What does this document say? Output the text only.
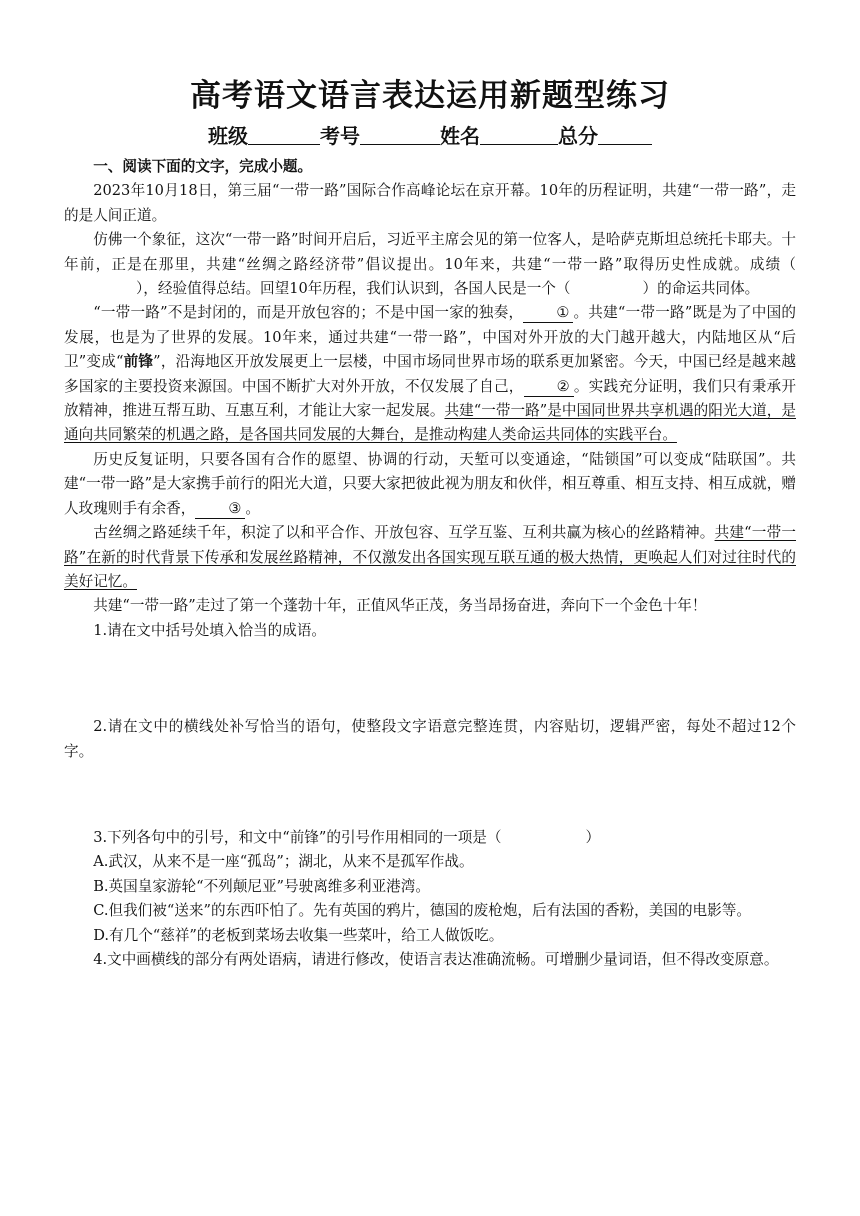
高考语文语言表达运用新题型练习
班级	考号	姓名	总分

一、阅读下面的文字，完成小题。

2023年10月18日，第三届“一带一路”国际合作高峰论坛在京开幕。10年的历程证明，共建“一带一路”，走的是人间正道。

仿佛一个象征，这次“一带一路”时间开启后，习近平主席会见的第一位客人，是哈萨克斯坦总统托卡耶夫。十年前，正是在那里，共建“丝绸之路经济带”倡议提出。10年来，共建“一带一路”取得历史性成就。成绩（），经验值得总结。回望10年历程，我们认识到，各国人民是一个（	）的命运共同体。

“一带一路”不是封闭的，而是开放包容的；不是中国一家的独奏， ① 。共建“一带一路”既是为了中国的发展，也是为了世界的发展。10年来，通过共建“一带一路”，中国对外开放的大门越开越大，内陆地区从“后卫”变成“前锋”，沿海地区开放发展更上一层楼，中国市场同世界市场的联系更加紧密。今天，中国已经是越来越多国家的主要投资来源国。中国不断扩大对外开放，不仅发展了自己， ② 。实践充分证明，我们只有秉承开放精神，推进互帮互助、互惠互利，才能让大家一起发展。共建“一带一路”是中国同世界共享机遇的阳光大道，是通向共同繁荣的机遇之路，是各国共同发展的大舞台，是推动构建人类命运共同体的实践平台。

历史反复证明，只要各国有合作的愿望、协调的行动，天堑可以变通途，“陆锁国”可以变成“陆联国”。共建“一带一路”是大家携手前行的阳光大道，只要大家把彼此视为朋友和伙伴，相互尊重、相互支持、相互成就，赠人玫瑰则手有余香， ③ 。

古丝绸之路延续千年，积淀了以和平合作、开放包容、互学互鉴、互利共赢为核心的丝路精神。共建“一带一路”在新的时代背景下传承和发展丝路精神，不仅激发出各国实现互联互通的极大热情，更唤起人们对过往时代的美好记忆。

共建“一带一路”走过了第一个蓬勃十年，正值风华正茂，务当昂扬奋进，奔向下一个金色十年！

1.请在文中括号处填入恰当的成语。

2.请在文中的横线处补写恰当的语句，使整段文字语意完整连贯，内容贴切，逻辑严密，每处不超过12个字。

3.下列各句中的引号，和文中“前锋”的引号作用相同的一项是（	）

A.武汉，从来不是一座“孤岛”；湖北，从来不是孤军作战。

B.英国皇家游轮“不列颠尼亚”号驶离维多利亚港湾。

C.但我们被“送来”的东西吓怕了。先有英国的鸦片，德国的废枪炮，后有法国的香粉，美国的电影等。

D.有几个“慈祥”的老板到菜场去收集一些菜叶，给工人做饭吃。

4.文中画横线的部分有两处语病，请进行修改，使语言表达准确流畅。可增删少量词语，但不得改变原意。
